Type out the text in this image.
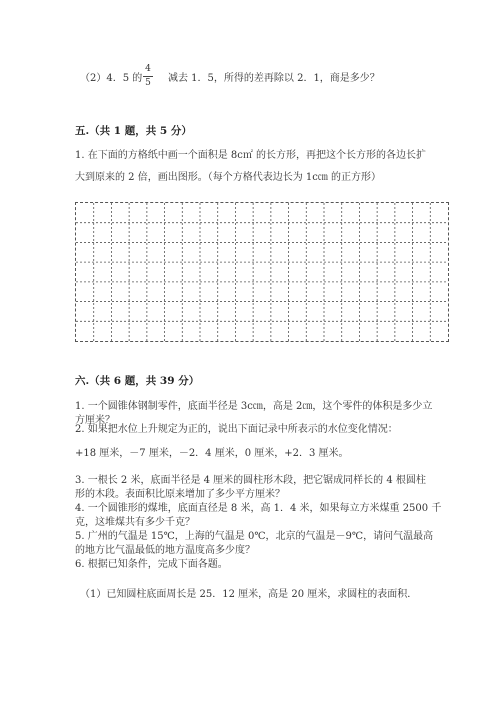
（2）4．5 的
4
5 减去 1．5，所得的差再除以 2．1，商是多少？
五.（共 1 题，共 5 分）
1. 在下面的方格纸中画一个面积是 8c㎡ 的长方形，再把这个长方形的各边长扩
大到原来的 2 倍，画出图形。（每个方格代表边长为 1c㎝ 的正方形）
六.（共 6 题，共 39 分）
1. 一个圆锥体钢制零件，底面半径是 3c㎝，高是 2㎝，这个零件的体积是多少立
方厘米？
2. 如果把水位上升规定为正的，说出下面记录中所表示的水位变化情况：
+18 厘米，－7 厘米，－2．4 厘米，0 厘米，+2．3 厘米。
3. 一根长 2 米，底面半径是 4 厘米的圆柱形木段，把它锯成同样长的 4 根圆柱
形的木段。表面积比原来增加了多少平方厘米？
4. 一个圆锥形的煤堆，底面直径是 8 米，高 1．4 米，如果每立方米煤重 2500 千
克，这堆煤共有多少千克？
5. 广州的气温是 15℃，上海的气温是 0℃，北京的气温是－9℃，请问气温最高
的地方比气温最低的地方温度高多少度？
6. 根据已知条件，完成下面各题。
（1）已知圆柱底面周长是 25．12 厘米，高是 20 厘米，求圆柱的表面积．
